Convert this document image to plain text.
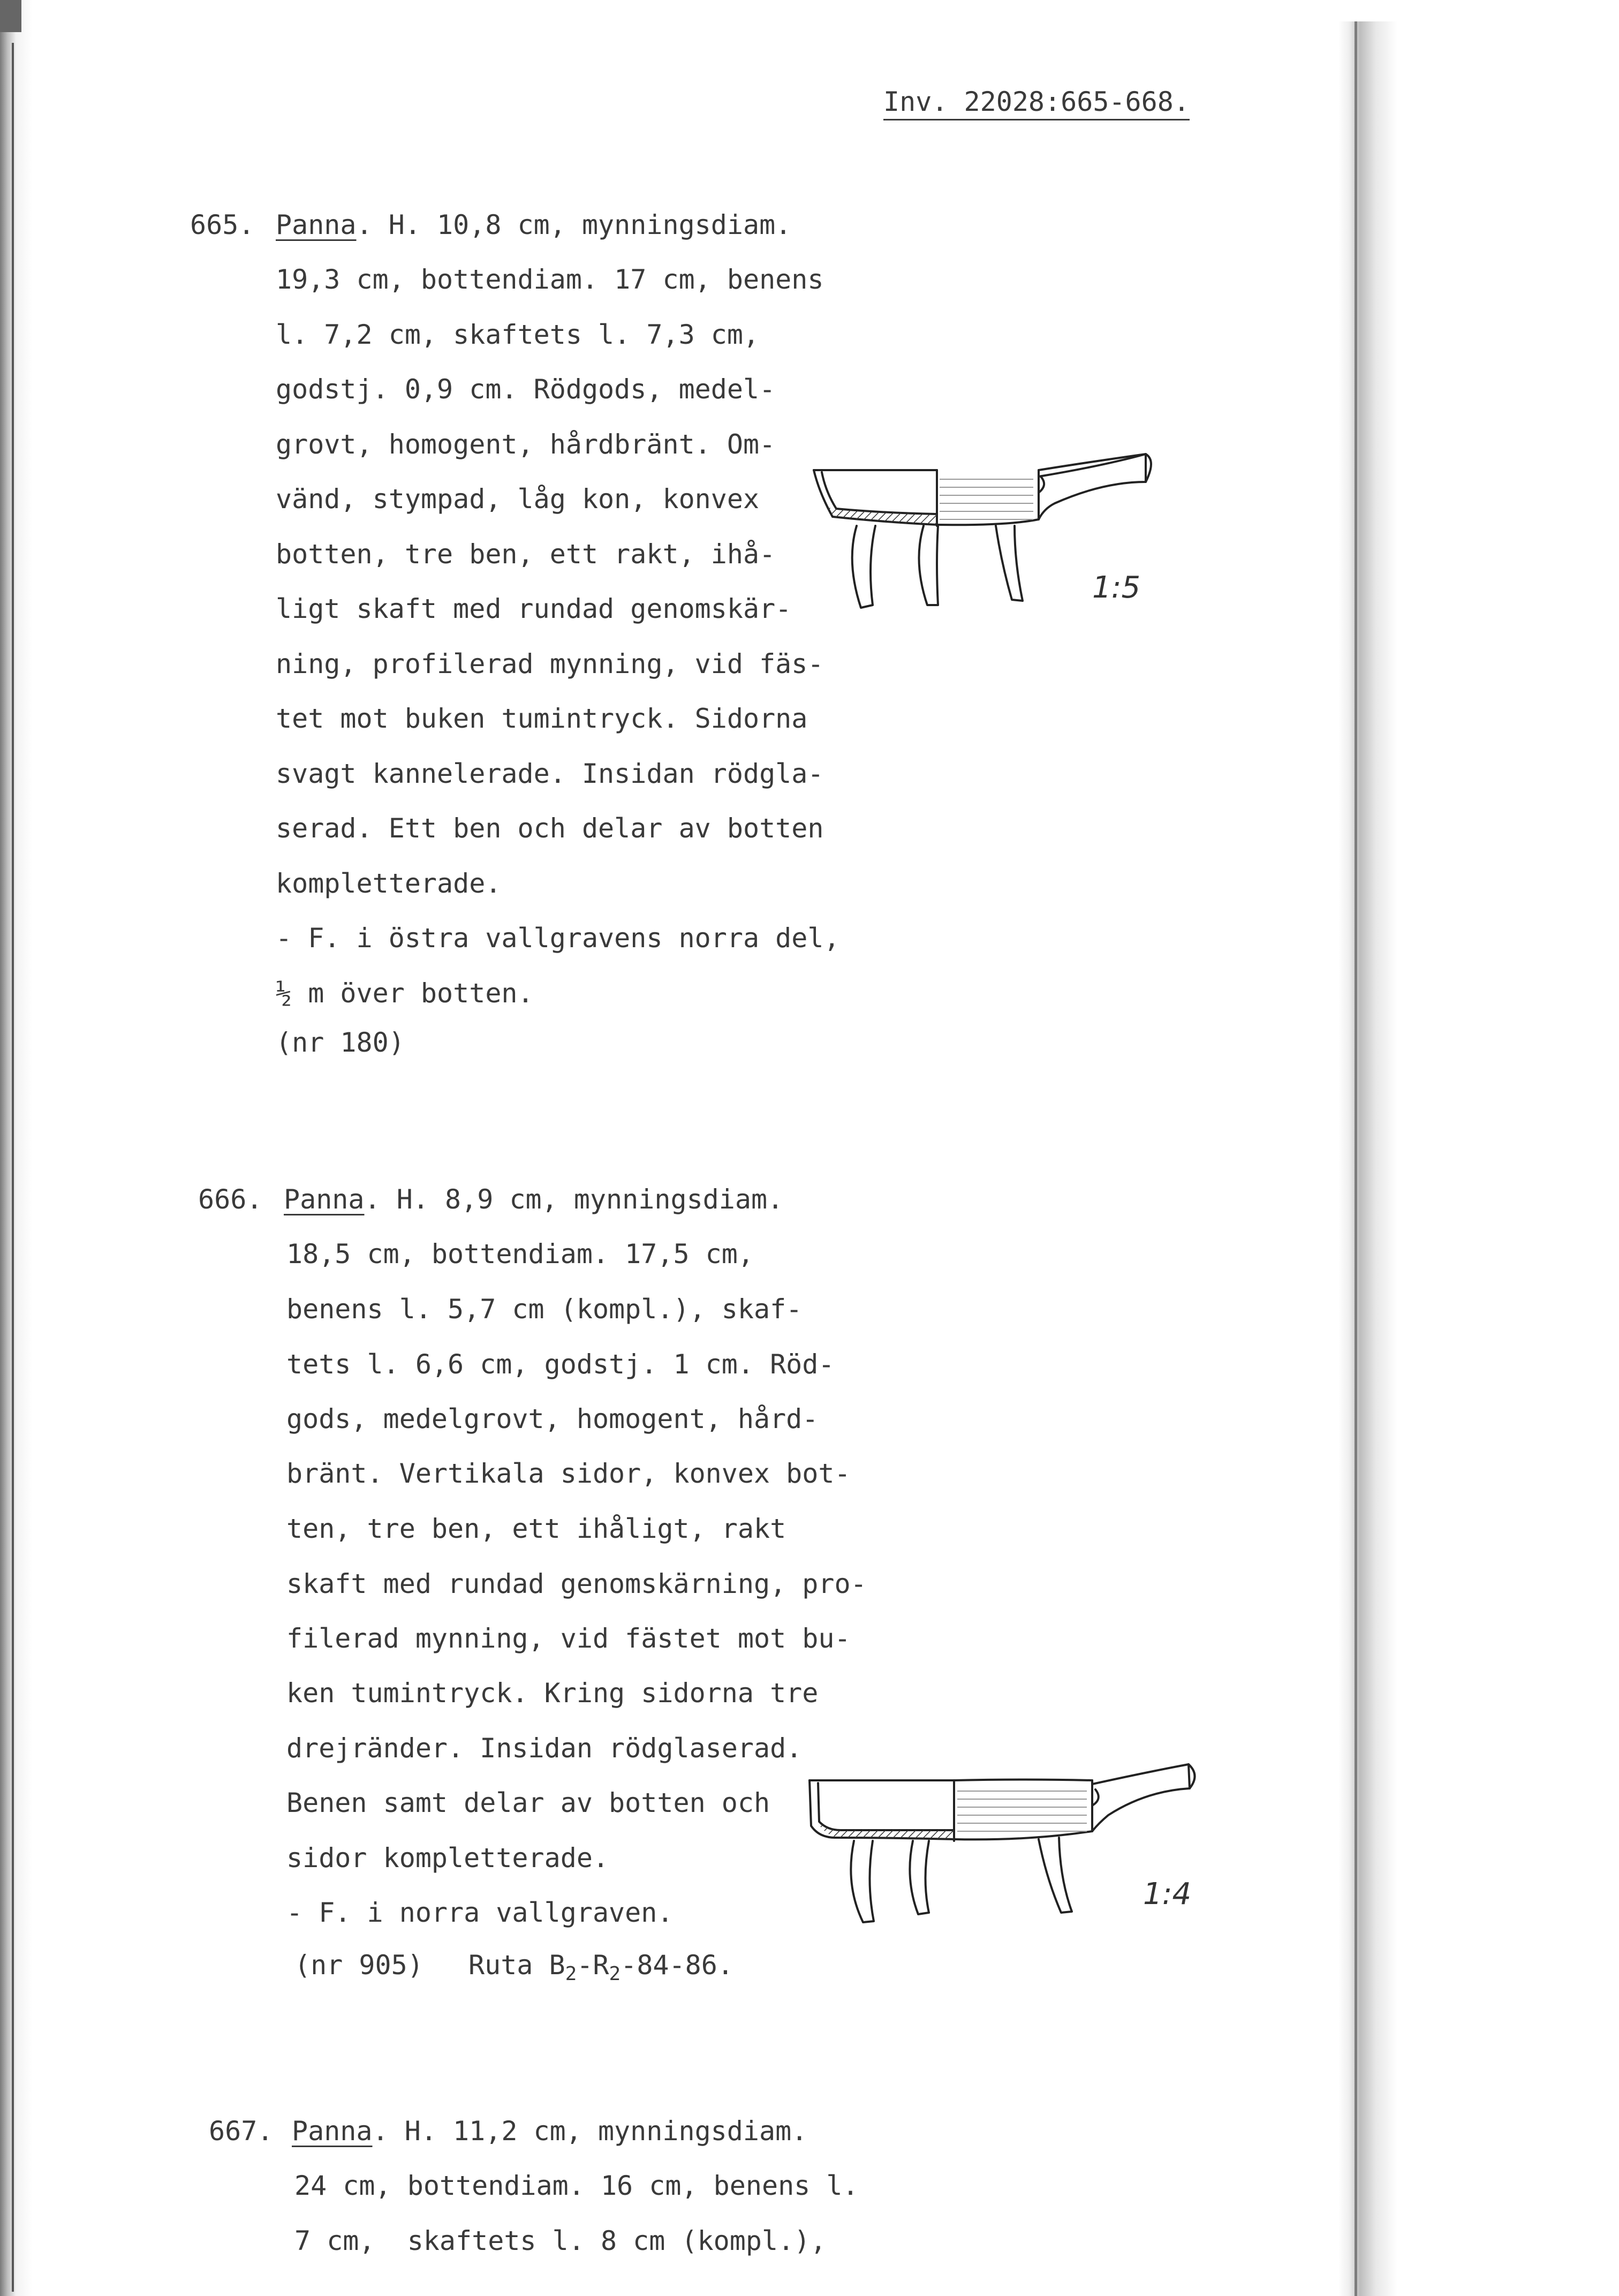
Inv. 22028:665-668.
665. Panna. H. 10,8 cm, mynningsdiam.
19,3 cm, bottendiam. 17 cm, benens
l. 7,2 cm, skaftets l. 7,3 cm,
godstj. 0,9 cm. Rödgods, medel-
grovt, homogent, hårdbränt. Om-
vänd, stympad, låg kon, konvex
botten, tre ben, ett rakt, ihå-
ligt skaft med rundad genomskär-
ning, profilerad mynning, vid fäs-
tet mot buken tumintryck. Sidorna
svagt kannelerade. Insidan rödgla-
serad. Ett ben och delar av botten
kompletterade.
- F. i östra vallgravens norra del,
½ m över botten.
(nr 180)
1:5
666. Panna. H. 8,9 cm, mynningsdiam.
18,5 cm, bottendiam. 17,5 cm,
benens l. 5,7 cm (kompl.), skaf-
tets l. 6,6 cm, godstj. 1 cm. Röd-
gods, medelgrovt, homogent, hård-
bränt. Vertikala sidor, konvex bot-
ten, tre ben, ett ihåligt, rakt
skaft med rundad genomskärning, pro-
filerad mynning, vid fästet mot bu-
ken tumintryck. Kring sidorna tre
drejränder. Insidan rödglaserad.
Benen samt delar av botten och
sidor kompletterade.
- F. i norra vallgraven.
(nr 905) Ruta $B_2-R_2-84-86$.
1:4
667. Panna. H. 11,2 cm, mynningsdiam.
24 cm, bottendiam. 16 cm, benens l.
7 cm,  skaftets l. 8 cm (kompl.),
